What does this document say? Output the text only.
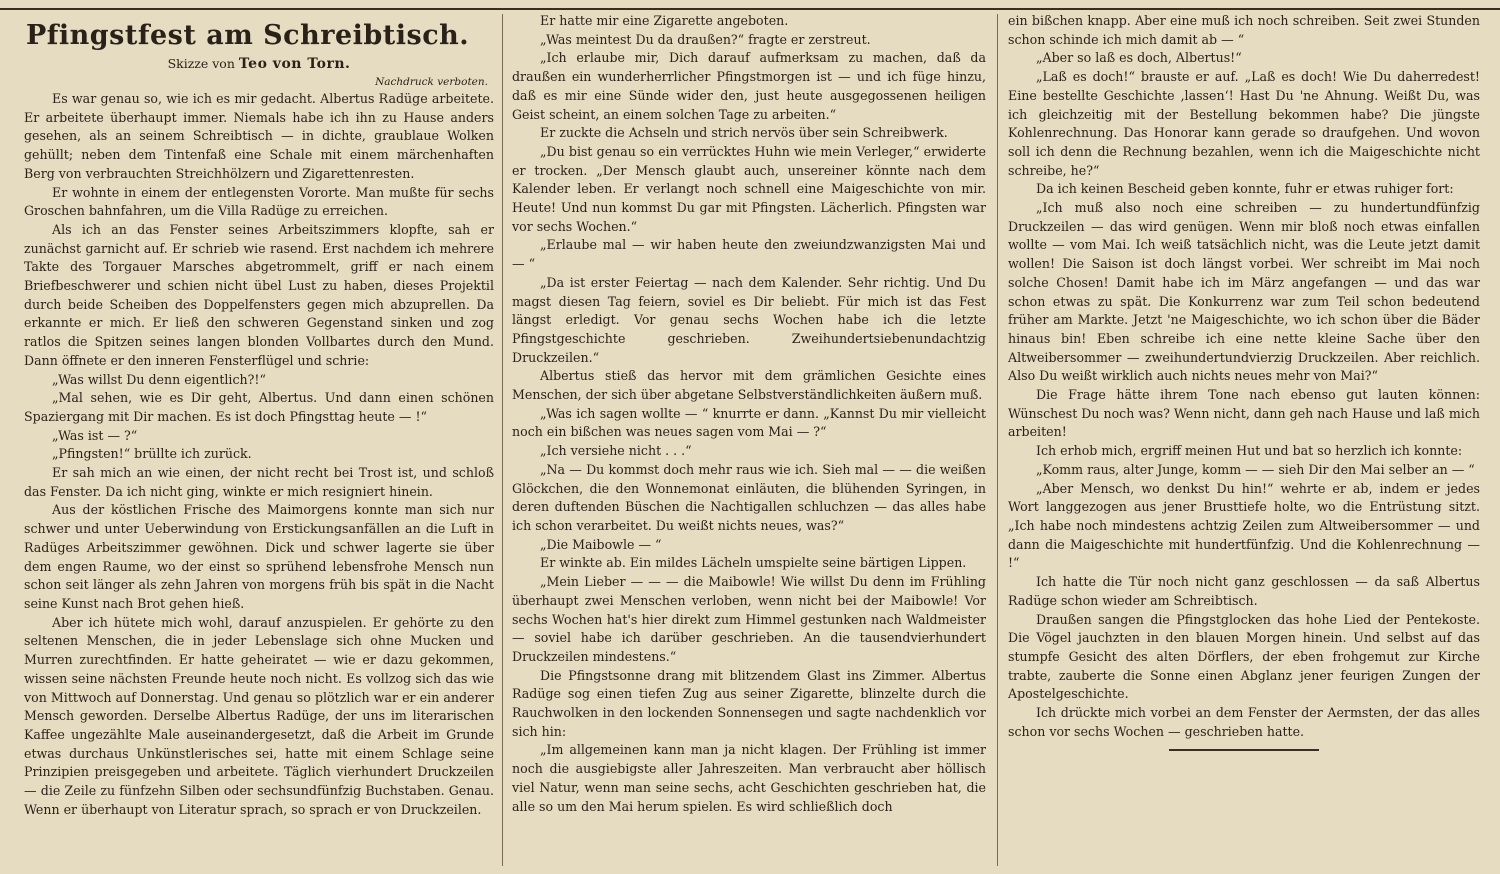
Pfingstfest am Schreibtisch.

Skizze von Teo von Torn.

Nachdruck verboten.

Es war genau so, wie ich es mir gedacht. Albertus Radüge arbeitete. Er arbeitete überhaupt immer. Niemals habe ich ihn zu Hause anders gesehen, als an seinem Schreibtisch — in dichte, graublaue Wolken gehüllt; neben dem Tintenfaß eine Schale mit einem märchenhaften Berg von verbrauchten Streichhölzern und Zigarettenresten.

Er wohnte in einem der entlegensten Vororte. Man mußte für sechs Groschen bahnfahren, um die Villa Radüge zu erreichen.

Als ich an das Fenster seines Arbeitszimmers klopfte, sah er zunächst garnicht auf. Er schrieb wie rasend. Erst nachdem ich mehrere Takte des Torgauer Marsches abgetrommelt, griff er nach einem Briefbeschwerer und schien nicht übel Lust zu haben, dieses Projektil durch beide Scheiben des Doppelfensters gegen mich abzuprellen. Da erkannte er mich. Er ließ den schweren Gegenstand sinken und zog ratlos die Spitzen seines langen blonden Vollbartes durch den Mund. Dann öffnete er den inneren Fensterflügel und schrie:

„Was willst Du denn eigentlich?!“

„Mal sehen, wie es Dir geht, Albertus. Und dann einen schönen Spaziergang mit Dir machen. Es ist doch Pfingsttag heute — !“

„Was ist — ?“

„Pfingsten!“ brüllte ich zurück.

Er sah mich an wie einen, der nicht recht bei Trost ist, und schloß das Fenster. Da ich nicht ging, winkte er mich resigniert hinein.

Aus der köstlichen Frische des Maimorgens konnte man sich nur schwer und unter Ueberwindung von Erstickungsanfällen an die Luft in Radüges Arbeitszimmer gewöhnen. Dick und schwer lagerte sie über dem engen Raume, wo der einst so sprühend lebensfrohe Mensch nun schon seit länger als zehn Jahren von morgens früh bis spät in die Nacht seine Kunst nach Brot gehen hieß.

Aber ich hütete mich wohl, darauf anzuspielen. Er gehörte zu den seltenen Menschen, die in jeder Lebenslage sich ohne Mucken und Murren zurechtfinden. Er hatte geheiratet — wie er dazu gekommen, wissen seine nächsten Freunde heute noch nicht. Es vollzog sich das wie von Mittwoch auf Donnerstag. Und genau so plötzlich war er ein anderer Mensch geworden. Derselbe Albertus Radüge, der uns im literarischen Kaffee ungezählte Male auseinandergesetzt, daß die Arbeit im Grunde etwas durchaus Unkünstlerisches sei, hatte mit einem Schlage seine Prinzipien preisgegeben und arbeitete. Täglich vierhundert Druckzeilen — die Zeile zu fünfzehn Silben oder sechsundfünfzig Buchstaben. Genau. Wenn er überhaupt von Literatur sprach, so sprach er von Druckzeilen.

Er hatte mir eine Zigarette angeboten.

„Was meintest Du da draußen?“ fragte er zerstreut.

„Ich erlaube mir, Dich darauf aufmerksam zu machen, daß da draußen ein wunderherrlicher Pfingstmorgen ist — und ich füge hinzu, daß es mir eine Sünde wider den, just heute ausgegossenen heiligen Geist scheint, an einem solchen Tage zu arbeiten.“

Er zuckte die Achseln und strich nervös über sein Schreibwerk.

„Du bist genau so ein verrücktes Huhn wie mein Verleger,“ erwiderte er trocken. „Der Mensch glaubt auch, unsereiner könnte nach dem Kalender leben. Er verlangt noch schnell eine Maigeschichte von mir. Heute! Und nun kommst Du gar mit Pfingsten. Lächerlich. Pfingsten war vor sechs Wochen.“

„Erlaube mal — wir haben heute den zweiundzwanzigsten Mai und — “

„Da ist erster Feiertag — nach dem Kalender. Sehr richtig. Und Du magst diesen Tag feiern, soviel es Dir beliebt. Für mich ist das Fest längst erledigt. Vor genau sechs Wochen habe ich die letzte Pfingstgeschichte geschrieben. Zweihundertsiebenundachtzig Druckzeilen.“

Albertus stieß das hervor mit dem grämlichen Gesichte eines Menschen, der sich über abgetane Selbstverständlichkeiten äußern muß.

„Was ich sagen wollte — “ knurrte er dann. „Kannst Du mir vielleicht noch ein bißchen was neues sagen vom Mai — ?“

„Ich versiehe nicht . . .“

„Na — Du kommst doch mehr raus wie ich. Sieh mal — — die weißen Glöckchen, die den Wonnemonat einläuten, die blühenden Syringen, in deren duftenden Büschen die Nachtigallen schluchzen — das alles habe ich schon verarbeitet. Du weißt nichts neues, was?“

„Die Maibowle — “

Er winkte ab. Ein mildes Lächeln umspielte seine bärtigen Lippen.

„Mein Lieber — — — die Maibowle! Wie willst Du denn im Frühling überhaupt zwei Menschen verloben, wenn nicht bei der Maibowle! Vor sechs Wochen hat's hier direkt zum Himmel gestunken nach Waldmeister — soviel habe ich darüber geschrieben. An die tausendvierhundert Druckzeilen mindestens.“

Die Pfingstsonne drang mit blitzendem Glast ins Zimmer. Albertus Radüge sog einen tiefen Zug aus seiner Zigarette, blinzelte durch die Rauchwolken in den lockenden Sonnensegen und sagte nachdenklich vor sich hin:

„Im allgemeinen kann man ja nicht klagen. Der Frühling ist immer noch die ausgiebigste aller Jahreszeiten. Man verbraucht aber höllisch viel Natur, wenn man seine sechs, acht Geschichten geschrieben hat, die alle so um den Mai herum spielen. Es wird schließlich doch

ein bißchen knapp. Aber eine muß ich noch schreiben. Seit zwei Stunden schon schinde ich mich damit ab — “

„Aber so laß es doch, Albertus!“

„Laß es doch!“ brauste er auf. „Laß es doch! Wie Du daherredest! Eine bestellte Geschichte ‚lassen‘! Hast Du 'ne Ahnung. Weißt Du, was ich gleichzeitig mit der Bestellung bekommen habe? Die jüngste Kohlenrechnung. Das Honorar kann gerade so draufgehen. Und wovon soll ich denn die Rechnung bezahlen, wenn ich die Maigeschichte nicht schreibe, he?“

Da ich keinen Bescheid geben konnte, fuhr er etwas ruhiger fort:

„Ich muß also noch eine schreiben — zu hundertundfünfzig Druckzeilen — das wird genügen. Wenn mir bloß noch etwas einfallen wollte — vom Mai. Ich weiß tatsächlich nicht, was die Leute jetzt damit wollen! Die Saison ist doch längst vorbei. Wer schreibt im Mai noch solche Chosen! Damit habe ich im März angefangen — und das war schon etwas zu spät. Die Konkurrenz war zum Teil schon bedeutend früher am Markte. Jetzt 'ne Maigeschichte, wo ich schon über die Bäder hinaus bin! Eben schreibe ich eine nette kleine Sache über den Altweibersommer — zweihundertundvierzig Druckzeilen. Aber reichlich. Also Du weißt wirklich auch nichts neues mehr von Mai?“

Die Frage hätte ihrem Tone nach ebenso gut lauten können: Wünschest Du noch was? Wenn nicht, dann geh nach Hause und laß mich arbeiten!

Ich erhob mich, ergriff meinen Hut und bat so herzlich ich konnte:

„Komm raus, alter Junge, komm — — sieh Dir den Mai selber an — “

„Aber Mensch, wo denkst Du hin!“ wehrte er ab, indem er jedes Wort langgezogen aus jener Brusttiefe holte, wo die Entrüstung sitzt. „Ich habe noch mindestens achtzig Zeilen zum Altweibersommer — und dann die Maigeschichte mit hundertfünfzig. Und die Kohlenrechnung — !“

Ich hatte die Tür noch nicht ganz geschlossen — da saß Albertus Radüge schon wieder am Schreibtisch.

Draußen sangen die Pfingstglocken das hohe Lied der Pentekoste. Die Vögel jauchzten in den blauen Morgen hinein. Und selbst auf das stumpfe Gesicht des alten Dörflers, der eben frohgemut zur Kirche trabte, zauberte die Sonne einen Abglanz jener feurigen Zungen der Apostelgeschichte.

Ich drückte mich vorbei an dem Fenster der Aermsten, der das alles schon vor sechs Wochen — geschrieben hatte.
